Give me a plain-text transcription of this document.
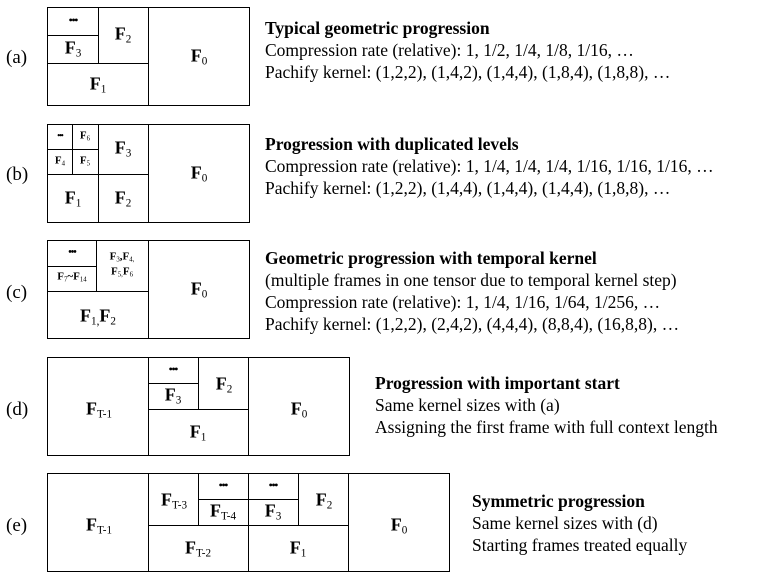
(a)
•••
$F_3$
$F_2$
$F_1$
$F_0$
Typical geometric progression
Compression rate (relative): 1, 1/2, 1/4, 1/8, 1/16, …
Pachify kernel: (1,2,2), (1,4,2), (1,4,4), (1,8,4), (1,8,8), …
(b)
••• $F_6$
$F_4$ $F_5$
$F_3$
$F_1$ $F_2$
$F_0$
Progression with duplicated levels
Compression rate (relative): 1, 1/4, 1/4, 1/4, 1/16, 1/16, 1/16, …
Pachify kernel: (1,2,2), (1,4,4), (1,4,4), (1,4,4), (1,8,8), …
(c)
•••
$F_7\sim F_{14}$
$F_3,F_{4,}$
$F_{5,}F_6$
$F_{1,}F_2$
$F_0$
Geometric progression with temporal kernel
(multiple frames in one tensor due to temporal kernel step)
Compression rate (relative): 1, 1/4, 1/16, 1/64, 1/256, …
Pachify kernel: (1,2,2), (2,4,2), (4,4,4), (8,8,4), (16,8,8), …
(d)	$F_{T-1}$
•••
$F_3$
$F_2$
$F_1$
$F_0$
Progression with important start
Same kernel sizes with (a)
Assigning the first frame with full context length
(e)	$F_{T-1}$
$F_{T-3}$
•••
$F_{T-4}$
$F_{T-2}$
•••
$F_3$
$F_2$
$F_1$
$F_0$
Symmetric progression
Same kernel sizes with (d)
Starting frames treated equally
